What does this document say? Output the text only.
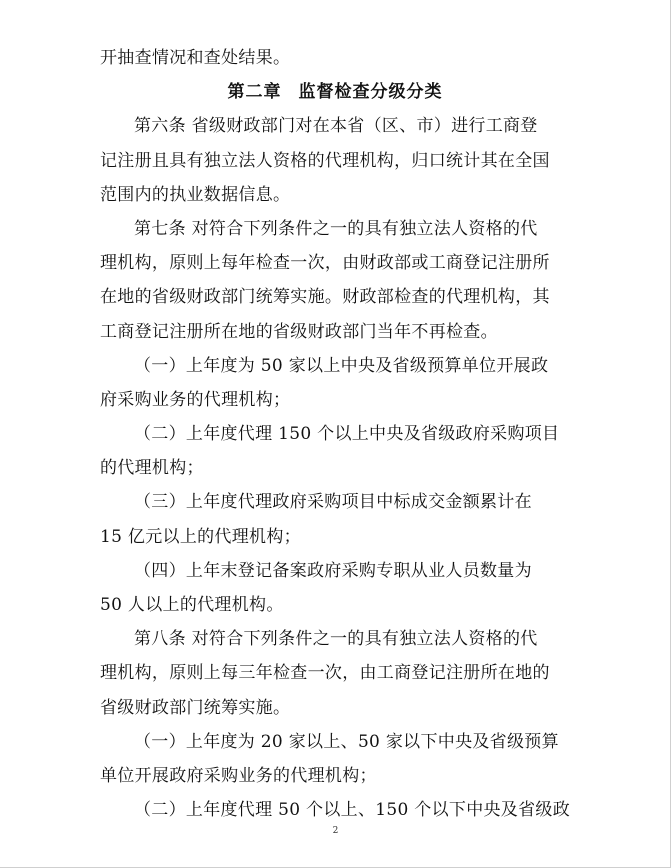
开抽查情况和查处结果。
第二章 监督检查分级分类
第六条 省级财政部门对在本省（区、市）进行工商登
记注册且具有独立法人资格的代理机构，归口统计其在全国
范围内的执业数据信息。
第七条 对符合下列条件之一的具有独立法人资格的代
理机构，原则上每年检查一次，由财政部或工商登记注册所
在地的省级财政部门统筹实施。财政部检查的代理机构，其
工商登记注册所在地的省级财政部门当年不再检查。
（一）上年度为 50 家以上中央及省级预算单位开展政
府采购业务的代理机构；
（二）上年度代理 150 个以上中央及省级政府采购项目
的代理机构；
（三）上年度代理政府采购项目中标成交金额累计在
15 亿元以上的代理机构；
（四）上年末登记备案政府采购专职从业人员数量为
50 人以上的代理机构。
第八条 对符合下列条件之一的具有独立法人资格的代
理机构，原则上每三年检查一次，由工商登记注册所在地的
省级财政部门统筹实施。
（一）上年度为 20 家以上、50 家以下中央及省级预算
单位开展政府采购业务的代理机构；
（二）上年度代理 50 个以上、150 个以下中央及省级政
2
